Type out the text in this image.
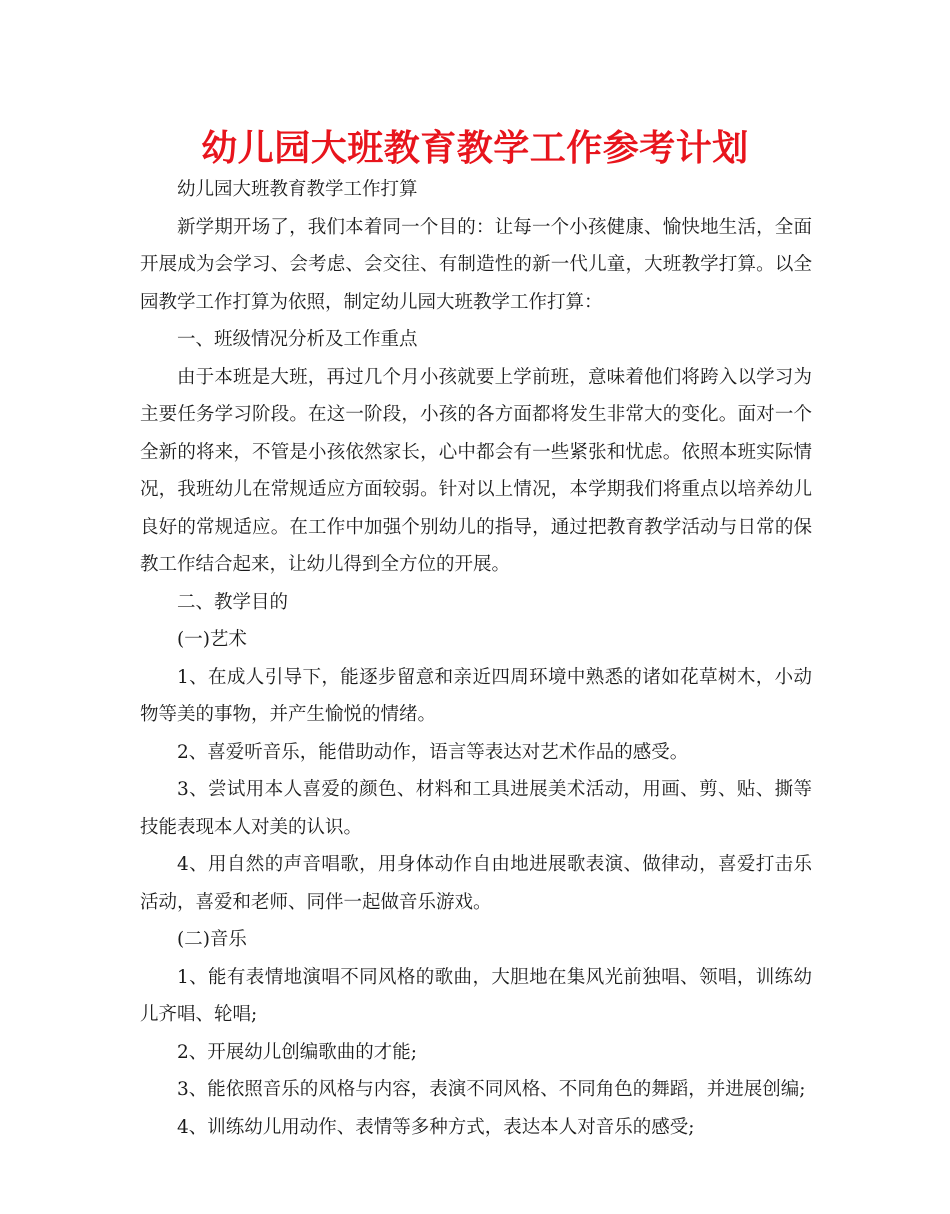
幼儿园大班教育教学工作参考计划

幼儿园大班教育教学工作打算

新学期开场了，我们本着同一个目的：让每一个小孩健康、愉快地生活，全面开展成为会学习、会考虑、会交往、有制造性的新一代儿童，大班教学打算。以全园教学工作打算为依照，制定幼儿园大班教学工作打算：

一、班级情况分析及工作重点

由于本班是大班，再过几个月小孩就要上学前班，意味着他们将跨入以学习为主要任务学习阶段。在这一阶段，小孩的各方面都将发生非常大的变化。面对一个全新的将来，不管是小孩依然家长，心中都会有一些紧张和忧虑。依照本班实际情况，我班幼儿在常规适应方面较弱。针对以上情况，本学期我们将重点以培养幼儿良好的常规适应。在工作中加强个别幼儿的指导，通过把教育教学活动与日常的保教工作结合起来，让幼儿得到全方位的开展。

二、教学目的

(一)艺术

1、在成人引导下，能逐步留意和亲近四周环境中熟悉的诸如花草树木，小动物等美的事物，并产生愉悦的情绪。

2、喜爱听音乐，能借助动作，语言等表达对艺术作品的感受。

3、尝试用本人喜爱的颜色、材料和工具进展美术活动，用画、剪、贴、撕等技能表现本人对美的认识。

4、用自然的声音唱歌，用身体动作自由地进展歌表演、做律动，喜爱打击乐活动，喜爱和老师、同伴一起做音乐游戏。

(二)音乐

1、能有表情地演唱不同风格的歌曲，大胆地在集风光前独唱、领唱，训练幼儿齐唱、轮唱;

2、开展幼儿创编歌曲的才能;

3、能依照音乐的风格与内容，表演不同风格、不同角色的舞蹈，并进展创编;

4、训练幼儿用动作、表情等多种方式，表达本人对音乐的感受;
